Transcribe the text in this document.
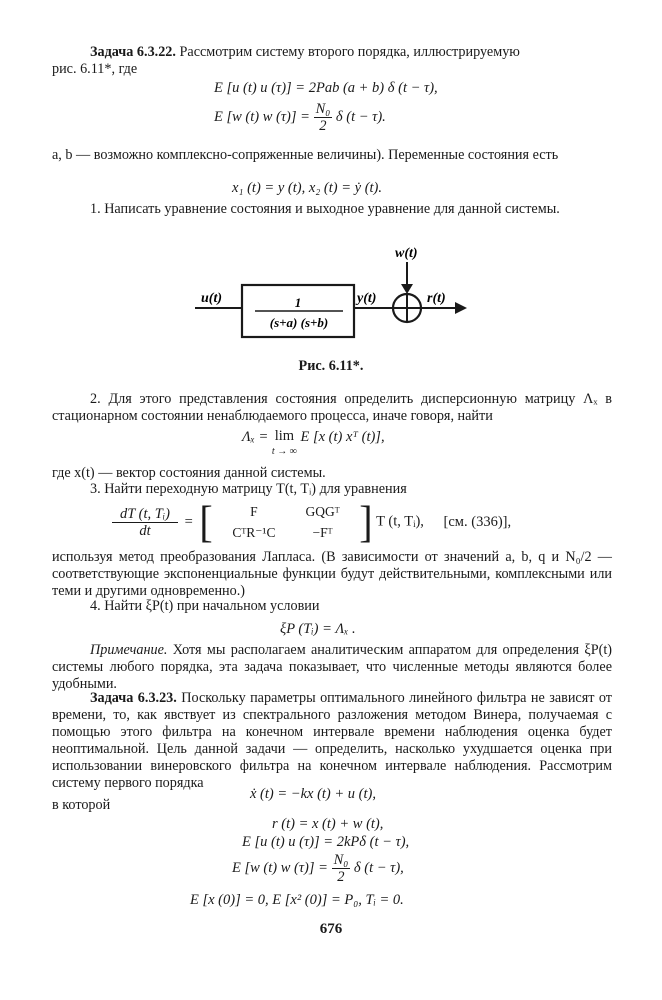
Задача 6.3.22. Рассмотрим систему второго порядка, иллюстрируемую
рис. 6.11*, где
E [u (t) u (τ)] = 2Pab (a + b) δ (t − τ),
E [w (t) w $(\tau)] = \frac{\text{N₀}}{2}$ δ (t − τ).
a, b — возможно комплексно-сопряженные величины). Переменные состояния есть
x₁ (t) = y (t), x₂ (t) = ẏ (t).
1. Написать уравнение состояния и выходное уравнение для данной системы.
u(t)	1
(s+a) (s+b)
y(t)
w(t)
r(t)
Рис. 6.11*.
2. Для этого представления состояния определить дисперсионную матрицу Λₓ в стационарном состоянии ненаблюдаемого процесса, иначе говоря, найти
Λₓ = lim
t → ∞
E [x (t) xᵀ (t)],
где x(t) — вектор состояния данной системы.
3. Найти переходную матрицу T(t, Tᵢ) для уравнения
$\frac{\text{dT (t, Tᵢ)}}{dt}$ = [	F	GQGᵀ
CᵀR⁻¹C	−Fᵀ ] T (t, Tᵢ), [см. (336)],
используя метод преобразования Лапласа. (В зависимости от значений a, b, q и N₀/2 — соответствующие экспоненциальные функции будут действительными, комплексными или теми и другими одновременно.)
4. Найти ξP(t) при начальном условии
ξP (Tᵢ) = Λₓ .
Примечание. Хотя мы располагаем аналитическим аппаратом для определения ξP(t) системы любого порядка, эта задача показывает, что численные методы являются более удобными.
Задача 6.3.23. Поскольку параметры оптимального линейного фильтра не зависят от времени, то, как явствует из спектрального разложения методом Винера, получаемая с помощью этого фильтра на конечном интервале времени наблюдения оценка будет неоптимальной. Цель данной задачи — определить, насколько ухудшается оценка при использовании винеровского фильтра на конечном интервале наблюдения. Рассмотрим систему первого порядка
ẋ (t) = −kx (t) + u (t),
в которой
r (t) = x (t) + w (t),
E [u (t) u (τ)] = 2kPδ (t − τ),
E [w (t) w $(\tau)] = \frac{\text{N₀}}{2}$ δ (t − τ),
E [x (0)] = 0, E [x² (0)] = P₀, Tᵢ = 0.
676
